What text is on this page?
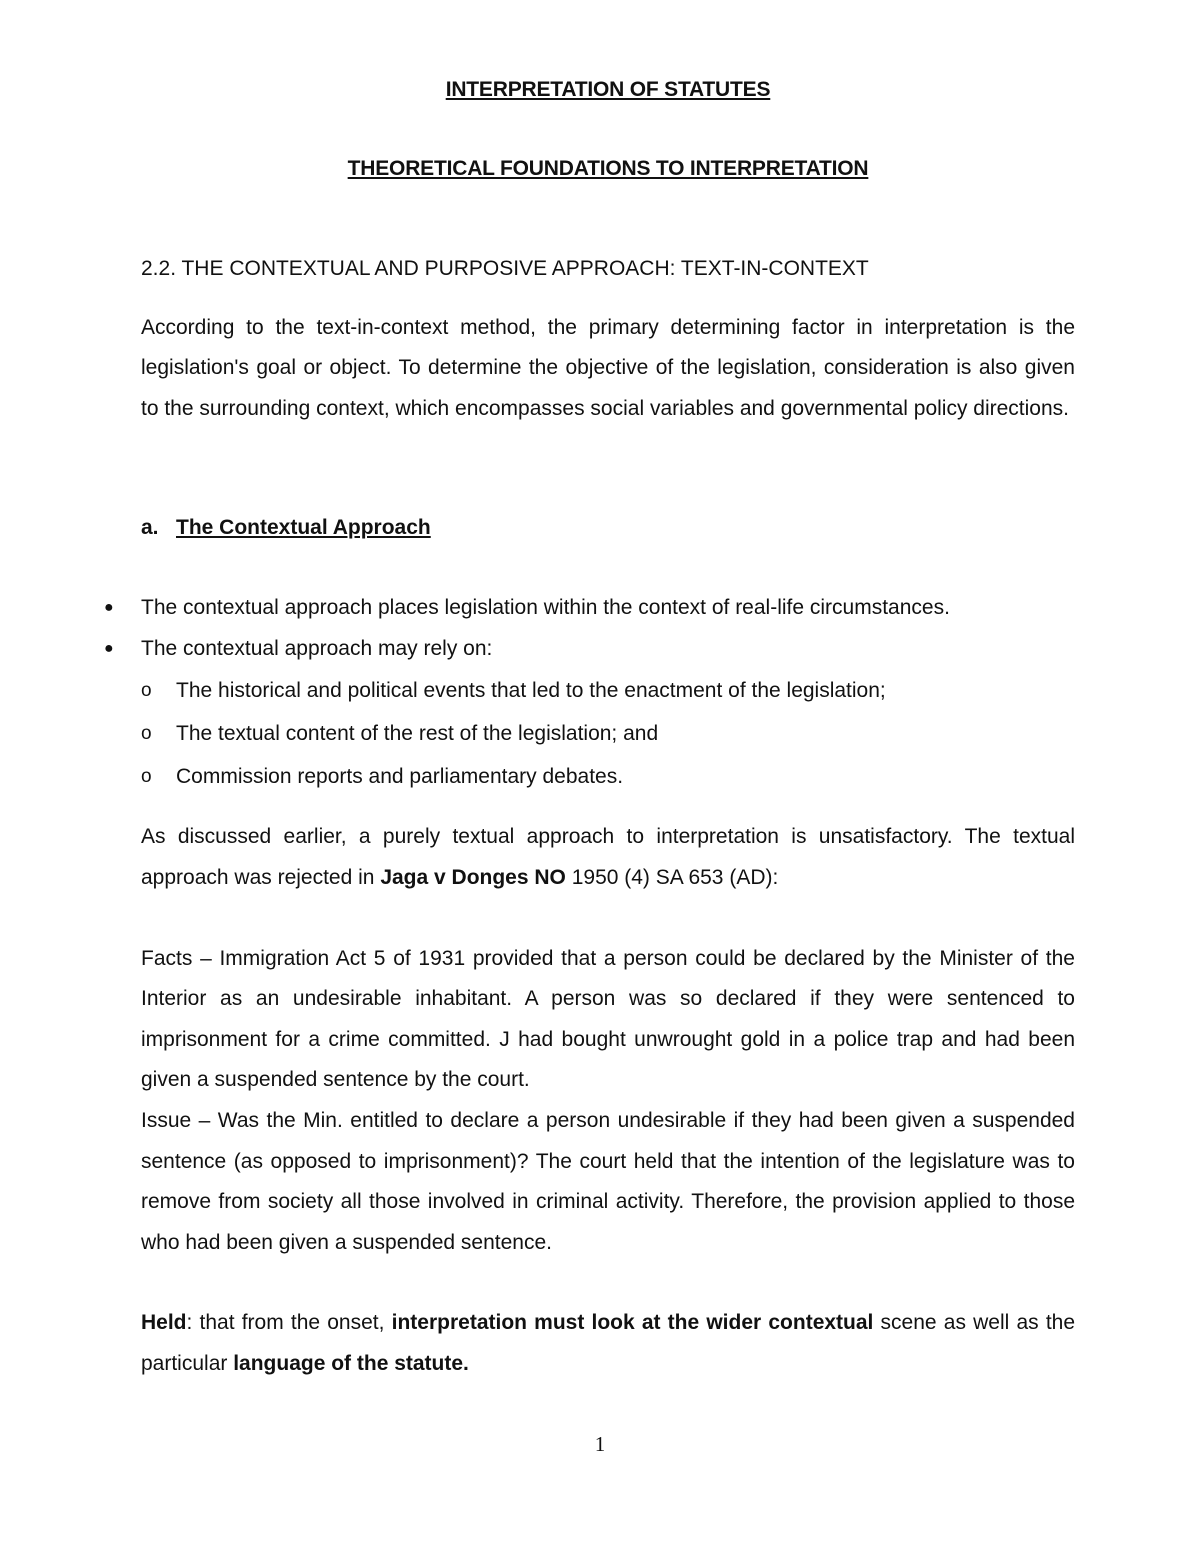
INTERPRETATION OF STATUTES

THEORETICAL FOUNDATIONS TO INTERPRETATION

2.2. THE CONTEXTUAL AND PURPOSIVE APPROACH: TEXT-IN-CONTEXT

According to the text-in-context method, the primary determining factor in interpretation is the legislation's goal or object. To determine the objective of the legislation, consideration is also given to the surrounding context, which encompasses social variables and governmental policy directions.

a. The Contextual Approach

● The contextual approach places legislation within the context of real-life circumstances.
● The contextual approach may rely on:
o The historical and political events that led to the enactment of the legislation;
o The textual content of the rest of the legislation; and
o Commission reports and parliamentary debates.

As discussed earlier, a purely textual approach to interpretation is unsatisfactory. The textual approach was rejected in Jaga v Donges NO 1950 (4) SA 653 (AD):

Facts – Immigration Act 5 of 1931 provided that a person could be declared by the Minister of the Interior as an undesirable inhabitant. A person was so declared if they were sentenced to imprisonment for a crime committed. J had bought unwrought gold in a police trap and had been given a suspended sentence by the court.

Issue – Was the Min. entitled to declare a person undesirable if they had been given a suspended sentence (as opposed to imprisonment)? The court held that the intention of the legislature was to remove from society all those involved in criminal activity. Therefore, the provision applied to those who had been given a suspended sentence.

Held: that from the onset, interpretation must look at the wider contextual scene as well as the particular language of the statute.

1
